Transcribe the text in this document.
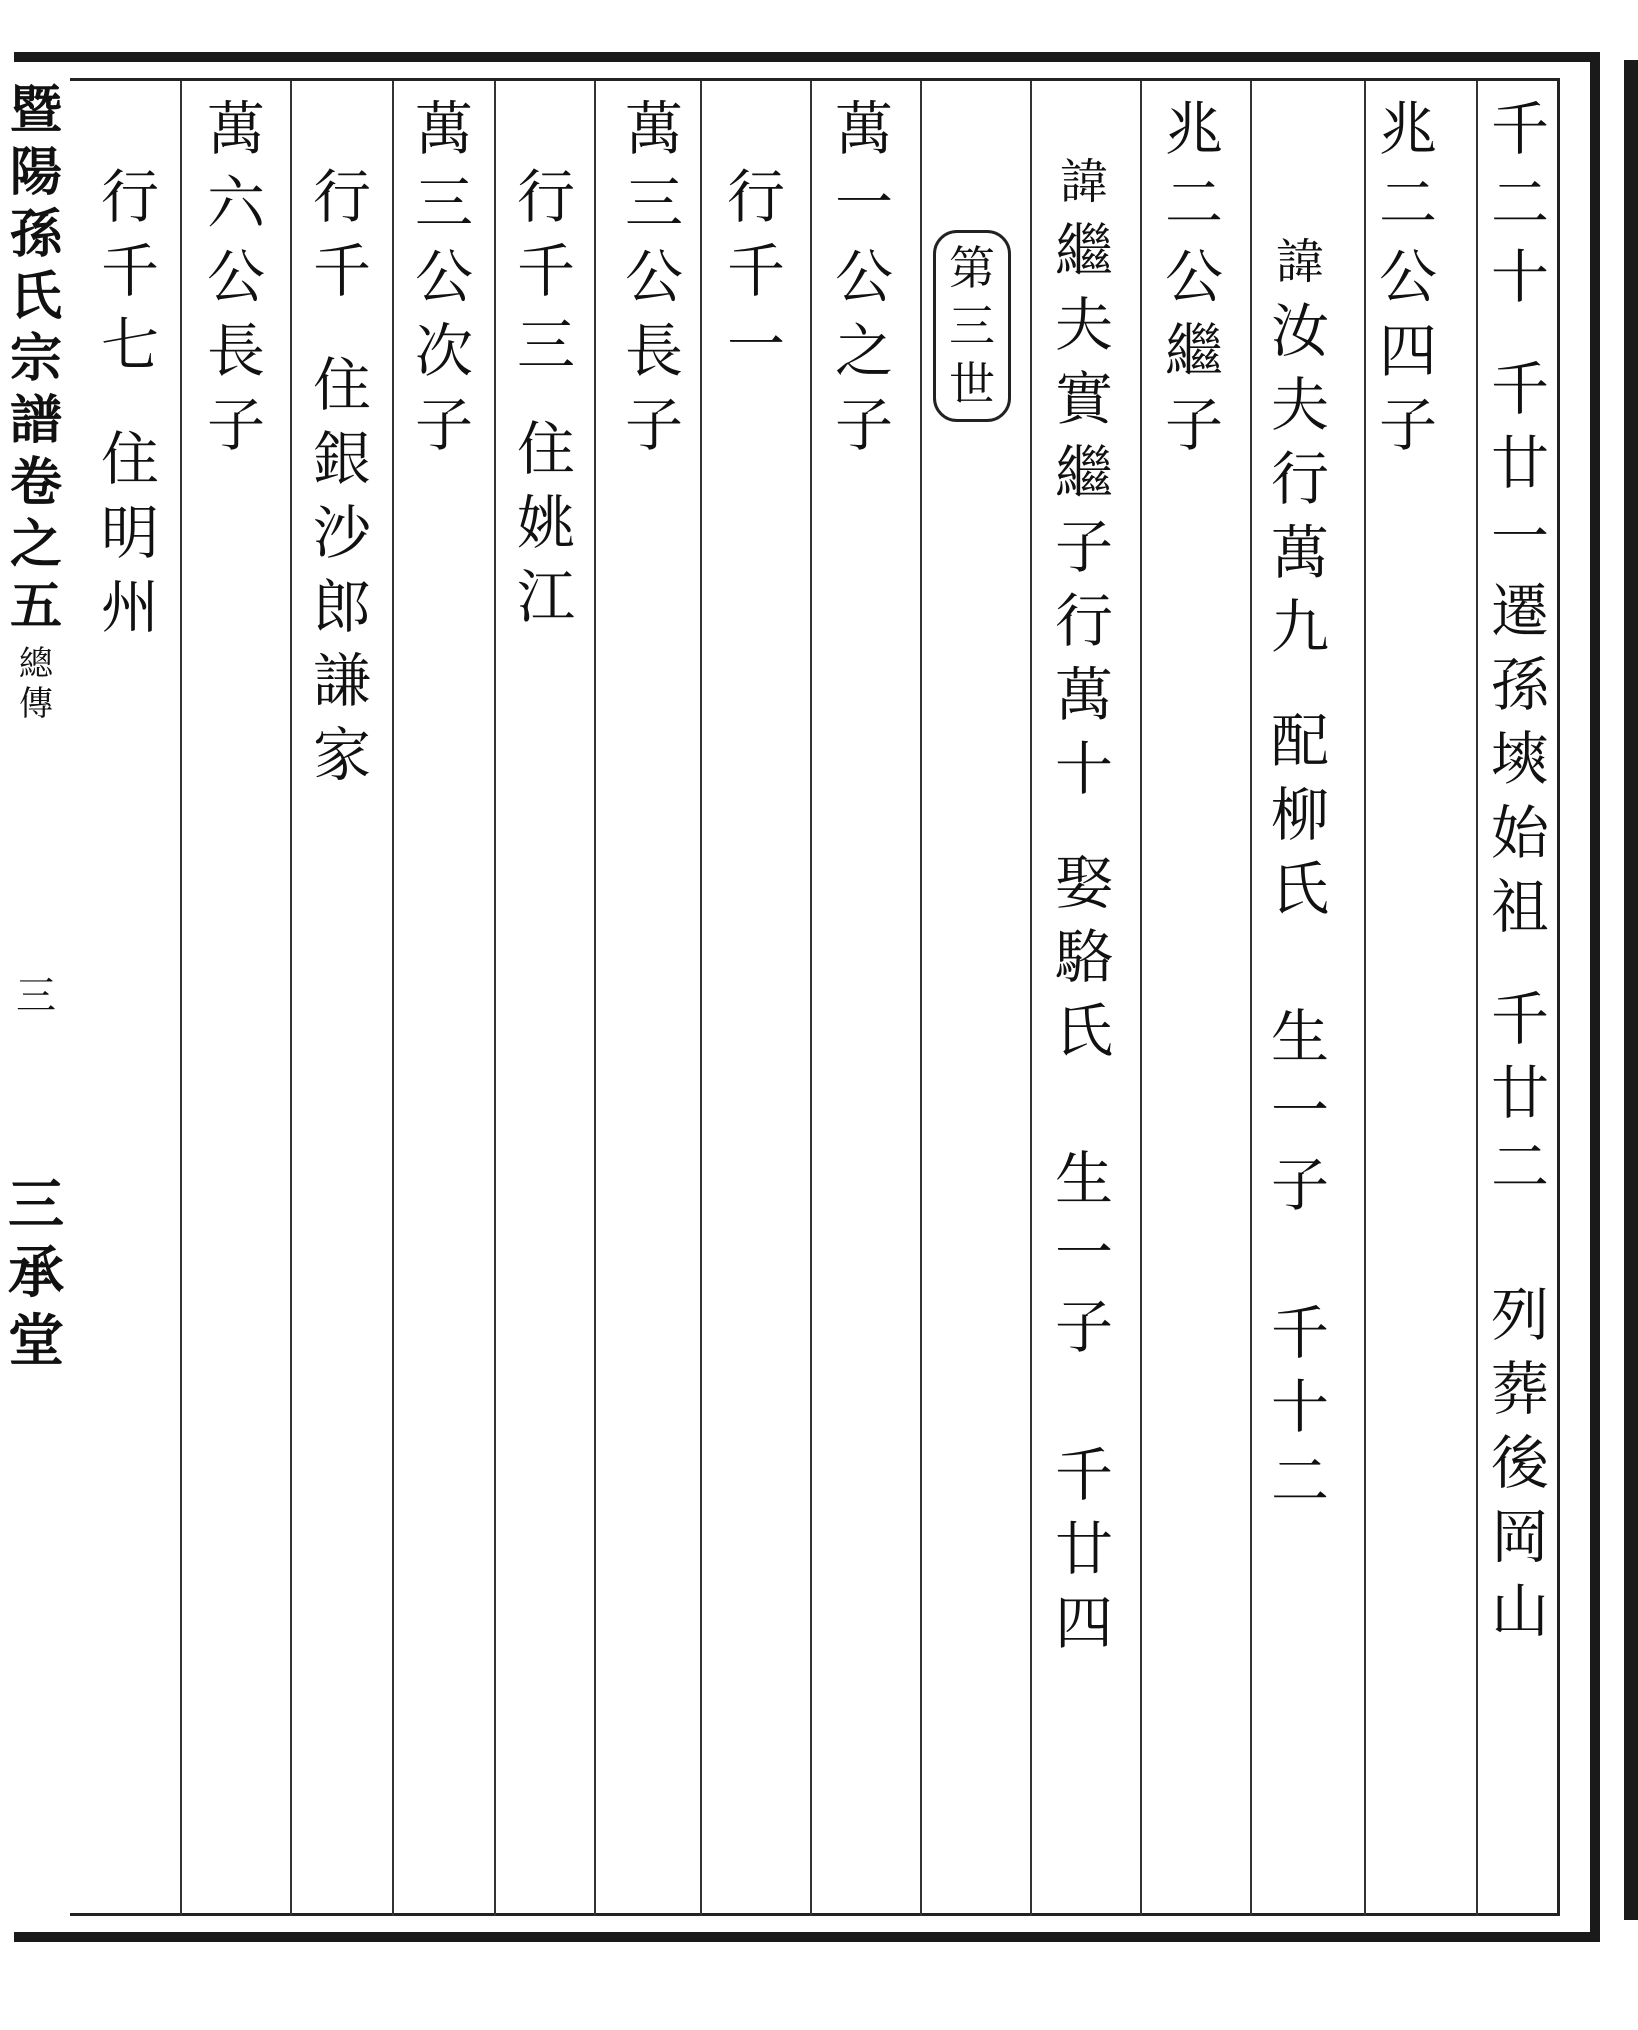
暨
陽
孫
氏
宗
譜
卷
之
五
總
傳
三
三
承
堂
千
二
十
千
廿
一
遷
孫
塽
始
祖
千
廿
二

列
葬
後
岡
山
兆
二
公
四
子
諱
汝
夫
行
萬
九
配
柳
氏

生
一
子

千
十
二
兆
二
公
繼
子
諱
繼
夫
實
繼
子
行
萬
十
娶
駱
氏

生
一
子

千
廿
四
第
三
世
萬
一
公
之
子
行
千
一
萬
三
公
長
子
行
千
三
住
姚
江
萬
三
公
次
子
行
千
住
銀
沙
郎
謙
家
萬
六
公
長
子
行
千
七
住
明
州
